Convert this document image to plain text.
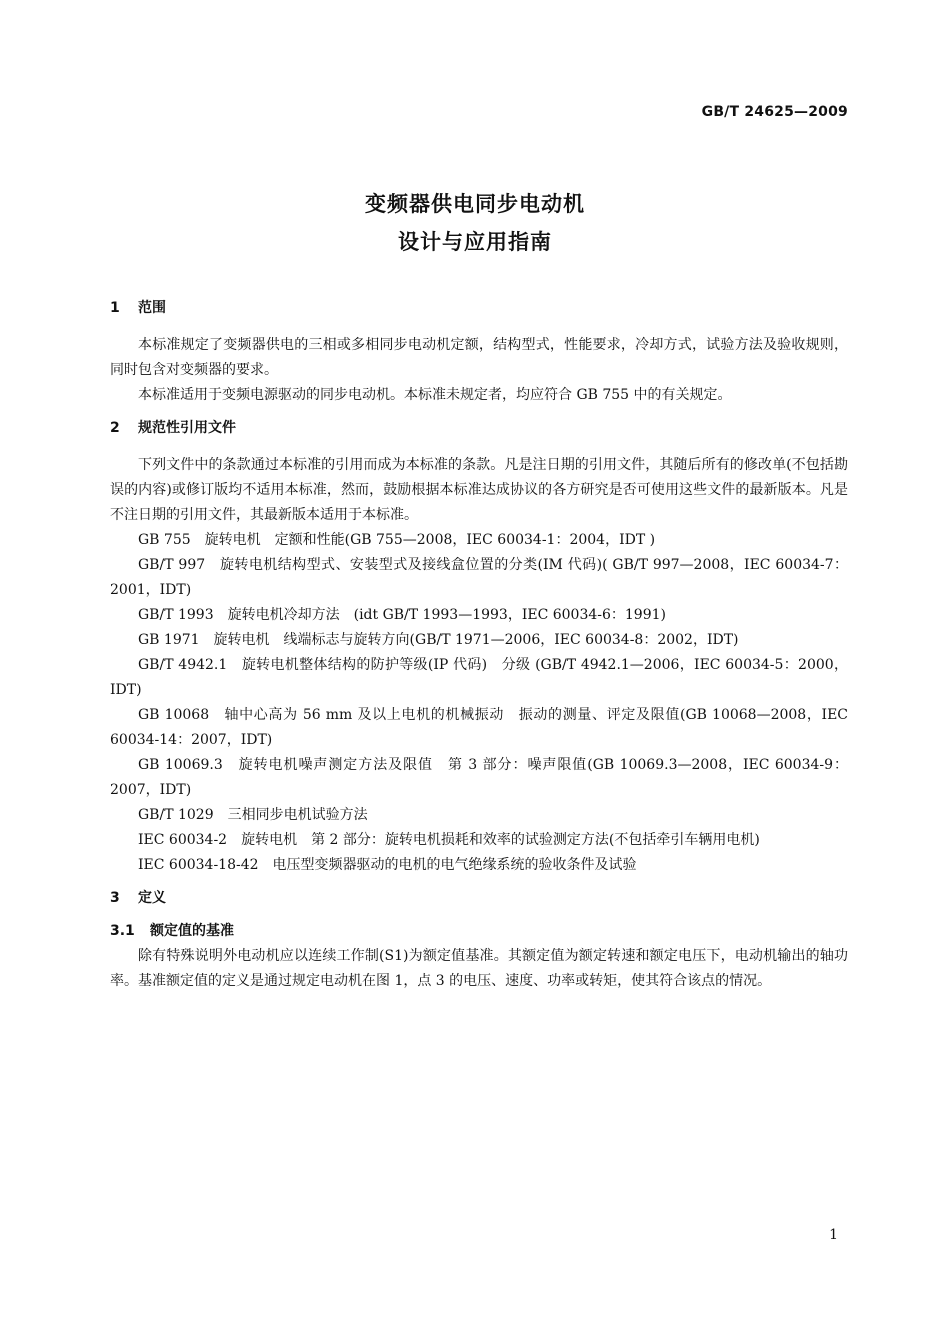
GB/T 24625—2009
变频器供电同步电动机
设计与应用指南
1 范围

本标准规定了变频器供电的三相或多相同步电动机定额，结构型式，性能要求，冷却方式，试验方法及验收规则，同时包含对变频器的要求。

本标准适用于变频电源驱动的同步电动机。本标准未规定者，均应符合 GB 755 中的有关规定。

2 规范性引用文件

下列文件中的条款通过本标准的引用而成为本标准的条款。凡是注日期的引用文件，其随后所有的修改单(不包括勘误的内容)或修订版均不适用本标准，然而，鼓励根据本标准达成协议的各方研究是否可使用这些文件的最新版本。凡是不注日期的引用文件，其最新版本适用于本标准。

GB 755　旋转电机　定额和性能(GB 755—2008，IEC 60034-1：2004，IDT )
GB/T 997　旋转电机结构型式、安装型式及接线盒位置的分类(IM 代码)( GB/T 997—2008，IEC 60034-7：2001，IDT)
GB/T 1993　旋转电机冷却方法　(idt GB/T 1993—1993，IEC 60034-6：1991)
GB 1971　旋转电机　线端标志与旋转方向(GB/T 1971—2006，IEC 60034-8：2002，IDT)
GB/T 4942.1　旋转电机整体结构的防护等级(IP 代码)　分级 (GB/T 4942.1—2006，IEC 60034-5：2000，IDT)
GB 10068　轴中心高为 56 mm 及以上电机的机械振动　振动的测量、评定及限值(GB 10068—2008，IEC 60034-14：2007，IDT)
GB 10069.3　旋转电机噪声测定方法及限值　第 3 部分：噪声限值(GB 10069.3—2008，IEC 60034-9：2007，IDT)
GB/T 1029　三相同步电机试验方法
IEC 60034-2　旋转电机　第 2 部分：旋转电机损耗和效率的试验测定方法(不包括牵引车辆用电机)
IEC 60034-18-42　电压型变频器驱动的电机的电气绝缘系统的验收条件及试验
3 定义
3.1 额定值的基准

除有特殊说明外电动机应以连续工作制(S1)为额定值基准。其额定值为额定转速和额定电压下，电动机输出的轴功率。基准额定值的定义是通过规定电动机在图 1，点 3 的电压、速度、功率或转矩，使其符合该点的情况。

1
